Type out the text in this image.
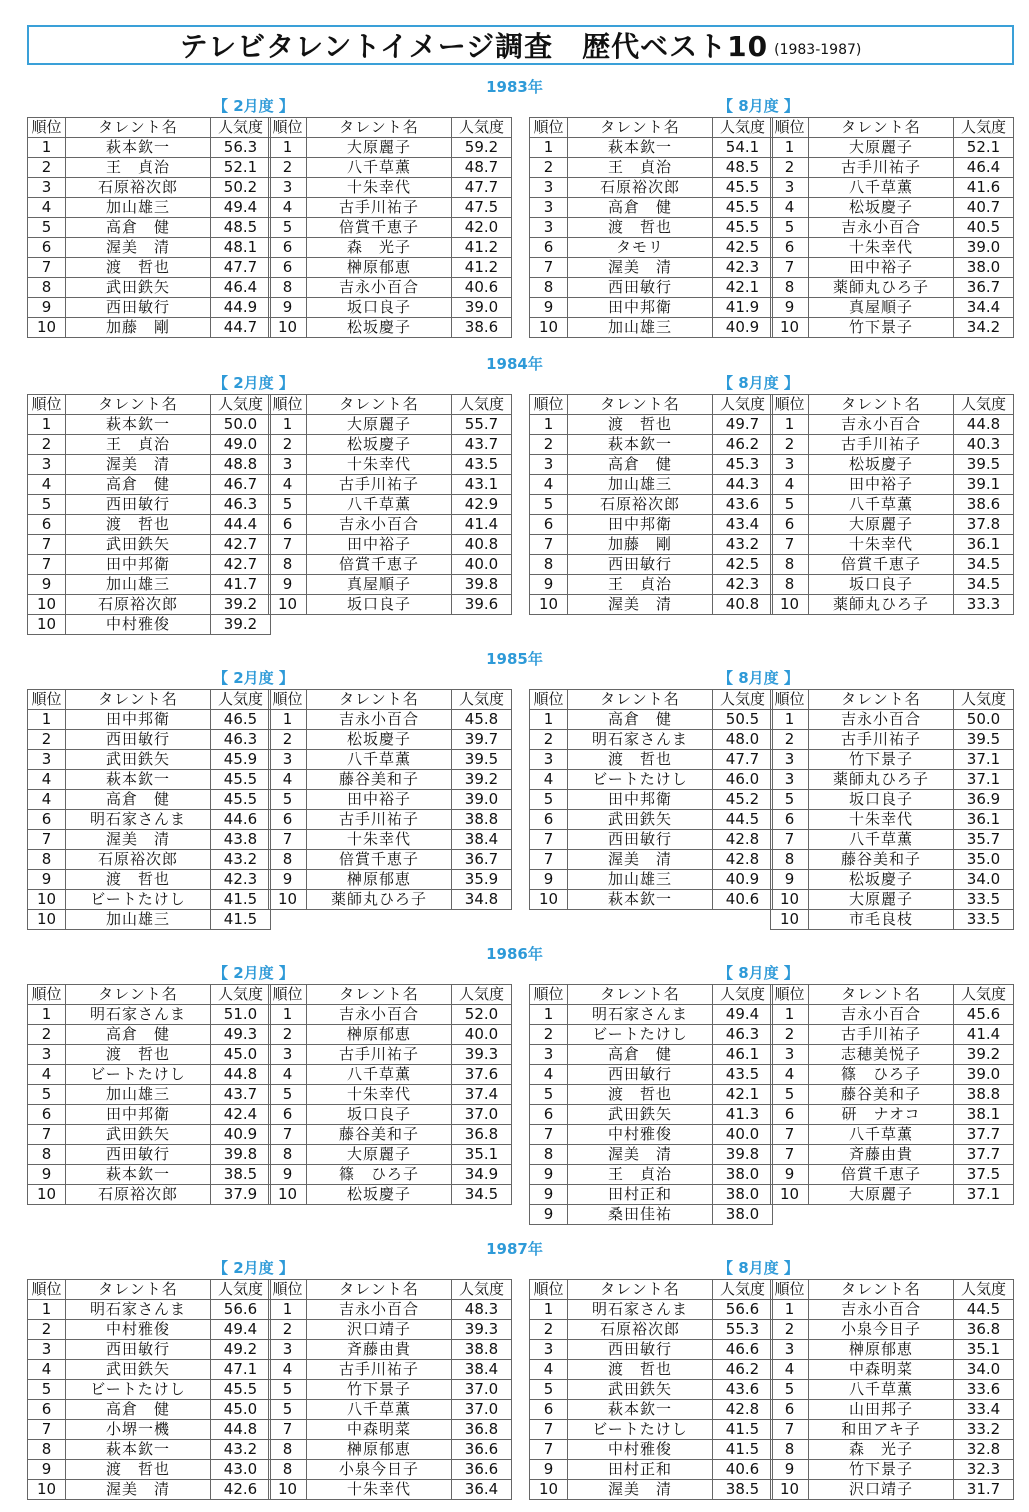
テレビタレントイメージ調査　歴代ベスト10 (1983-1987)
1983年
【 2月度 】	【 8月度 】
順位	タレント名	人気度
1	萩本欽一	56.3
2	王　貞治	52.1
3	石原裕次郎	50.2
4	加山雄三	49.4
5	高倉　健	48.5
6	渥美　清	48.1
7	渡　哲也	47.7
8	武田鉄矢	46.4
9	西田敏行	44.9
10	加藤　剛	44.7
順位	タレント名	人気度
1	大原麗子	59.2
2	八千草薫	48.7
3	十朱幸代	47.7
4	古手川祐子	47.5
5	倍賞千恵子	42.0
6	森　光子	41.2
6	榊原郁恵	41.2
8	吉永小百合	40.6
9	坂口良子	39.0
10	松坂慶子	38.6
順位	タレント名	人気度
1	萩本欽一	54.1
2	王　貞治	48.5
3	石原裕次郎	45.5
3	高倉　健	45.5
3	渡　哲也	45.5
6	タモリ	42.5
7	渥美　清	42.3
8	西田敏行	42.1
9	田中邦衛	41.9
10	加山雄三	40.9
順位	タレント名	人気度
1	大原麗子	52.1
2	古手川祐子	46.4
3	八千草薫	41.6
4	松坂慶子	40.7
5	吉永小百合	40.5
6	十朱幸代	39.0
7	田中裕子	38.0
8	薬師丸ひろ子	36.7
9	真屋順子	34.4
10	竹下景子	34.2
1984年
【 2月度 】	【 8月度 】
順位	タレント名	人気度
1	萩本欽一	50.0
2	王　貞治	49.0
3	渥美　清	48.8
4	高倉　健	46.7
5	西田敏行	46.3
6	渡　哲也	44.4
7	武田鉄矢	42.7
7	田中邦衛	42.7
9	加山雄三	41.7
10	石原裕次郎	39.2
10	中村雅俊	39.2
順位	タレント名	人気度
1	大原麗子	55.7
2	松坂慶子	43.7
3	十朱幸代	43.5
4	古手川祐子	43.1
5	八千草薫	42.9
6	吉永小百合	41.4
7	田中裕子	40.8
8	倍賞千恵子	40.0
9	真屋順子	39.8
10	坂口良子	39.6
順位	タレント名	人気度
1	渡　哲也	49.7
2	萩本欽一	46.2
3	高倉　健	45.3
4	加山雄三	44.3
5	石原裕次郎	43.6
6	田中邦衛	43.4
7	加藤　剛	43.2
8	西田敏行	42.5
9	王　貞治	42.3
10	渥美　清	40.8
順位	タレント名	人気度
1	吉永小百合	44.8
2	古手川祐子	40.3
3	松坂慶子	39.5
4	田中裕子	39.1
5	八千草薫	38.6
6	大原麗子	37.8
7	十朱幸代	36.1
8	倍賞千恵子	34.5
8	坂口良子	34.5
10	薬師丸ひろ子	33.3
1985年
【 2月度 】	【 8月度 】
順位	タレント名	人気度
1	田中邦衛	46.5
2	西田敏行	46.3
3	武田鉄矢	45.9
4	萩本欽一	45.5
4	高倉　健	45.5
6	明石家さんま	44.6
7	渥美　清	43.8
8	石原裕次郎	43.2
9	渡　哲也	42.3
10	ビートたけし	41.5
10	加山雄三	41.5
順位	タレント名	人気度
1	吉永小百合	45.8
2	松坂慶子	39.7
3	八千草薫	39.5
4	藤谷美和子	39.2
5	田中裕子	39.0
6	古手川祐子	38.8
7	十朱幸代	38.4
8	倍賞千恵子	36.7
9	榊原郁恵	35.9
10	薬師丸ひろ子	34.8
順位	タレント名	人気度
1	高倉　健	50.5
2	明石家さんま	48.0
3	渡　哲也	47.7
4	ビートたけし	46.0
5	田中邦衛	45.2
6	武田鉄矢	44.5
7	西田敏行	42.8
7	渥美　清	42.8
9	加山雄三	40.9
10	萩本欽一	40.6
順位	タレント名	人気度
1	吉永小百合	50.0
2	古手川祐子	39.5
3	竹下景子	37.1
3	薬師丸ひろ子	37.1
5	坂口良子	36.9
6	十朱幸代	36.1
7	八千草薫	35.7
8	藤谷美和子	35.0
9	松坂慶子	34.0
10	大原麗子	33.5
10	市毛良枝	33.5
1986年
【 2月度 】	【 8月度 】
順位	タレント名	人気度
1	明石家さんま	51.0
2	高倉　健	49.3
3	渡　哲也	45.0
4	ビートたけし	44.8
5	加山雄三	43.7
6	田中邦衛	42.4
7	武田鉄矢	40.9
8	西田敏行	39.8
9	萩本欽一	38.5
10	石原裕次郎	37.9
順位	タレント名	人気度
1	吉永小百合	52.0
2	榊原郁恵	40.0
3	古手川祐子	39.3
4	八千草薫	37.6
5	十朱幸代	37.4
6	坂口良子	37.0
7	藤谷美和子	36.8
8	大原麗子	35.1
9	篠　ひろ子	34.9
10	松坂慶子	34.5
順位	タレント名	人気度
1	明石家さんま	49.4
2	ビートたけし	46.3
3	高倉　健	46.1
4	西田敏行	43.5
5	渡　哲也	42.1
6	武田鉄矢	41.3
7	中村雅俊	40.0
8	渥美　清	39.8
9	王　貞治	38.0
9	田村正和	38.0
9	桑田佳祐	38.0
順位	タレント名	人気度
1	吉永小百合	45.6
2	古手川祐子	41.4
3	志穂美悦子	39.2
4	篠　ひろ子	39.0
5	藤谷美和子	38.8
6	研　ナオコ	38.1
7	八千草薫	37.7
7	斉藤由貴	37.7
9	倍賞千恵子	37.5
10	大原麗子	37.1
1987年
【 2月度 】	【 8月度 】
順位	タレント名	人気度
1	明石家さんま	56.6
2	中村雅俊	49.4
3	西田敏行	49.2
4	武田鉄矢	47.1
5	ビートたけし	45.5
6	高倉　健	45.0
7	小堺一機	44.8
8	萩本欽一	43.2
9	渡　哲也	43.0
10	渥美　清	42.6
順位	タレント名	人気度
1	吉永小百合	48.3
2	沢口靖子	39.3
3	斉藤由貴	38.8
4	古手川祐子	38.4
5	竹下景子	37.0
5	八千草薫	37.0
7	中森明菜	36.8
8	榊原郁恵	36.6
8	小泉今日子	36.6
10	十朱幸代	36.4
順位	タレント名	人気度
1	明石家さんま	56.6
2	石原裕次郎	55.3
3	西田敏行	46.6
4	渡　哲也	46.2
5	武田鉄矢	43.6
6	萩本欽一	42.8
7	ビートたけし	41.5
7	中村雅俊	41.5
9	田村正和	40.6
10	渥美　清	38.5
順位	タレント名	人気度
1	吉永小百合	44.5
2	小泉今日子	36.8
3	榊原郁恵	35.1
4	中森明菜	34.0
5	八千草薫	33.6
6	山田邦子	33.4
7	和田アキ子	33.2
8	森　光子	32.8
9	竹下景子	32.3
10	沢口靖子	31.7
